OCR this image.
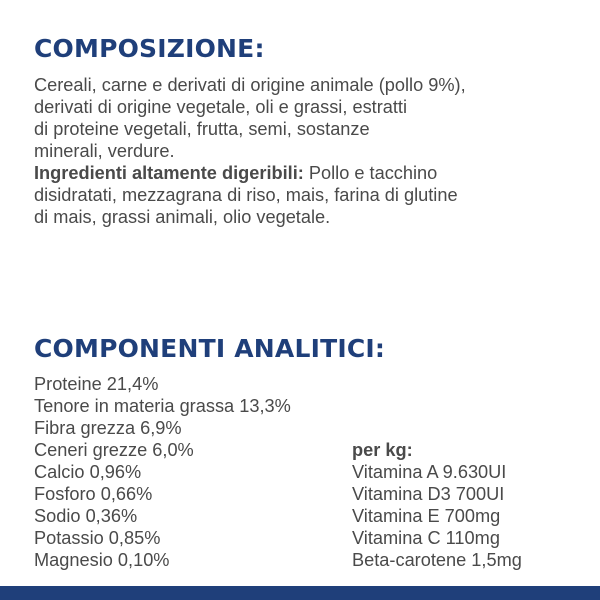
COMPOSIZIONE:

Cereali, carne e derivati di origine animale (pollo 9%),
derivati di origine vegetale, oli e grassi, estratti
di proteine vegetali, frutta, semi, sostanze
minerali, verdure.
Ingredienti altamente digeribili: Pollo e tacchino
disidratati, mezzagrana di riso, mais, farina di glutine
di mais, grassi animali, olio vegetale.

COMPONENTI ANALITICI:
Proteine 21,4%
Tenore in materia grassa 13,3%
Fibra grezza 6,9%
Ceneri grezze 6,0%
Calcio 0,96%
Fosforo 0,66%
Sodio 0,36%
Potassio 0,85%
Magnesio 0,10%
per kg:
Vitamina A 9.630UI
Vitamina D3 700UI
Vitamina E 700mg
Vitamina C 110mg
Beta-carotene 1,5mg
